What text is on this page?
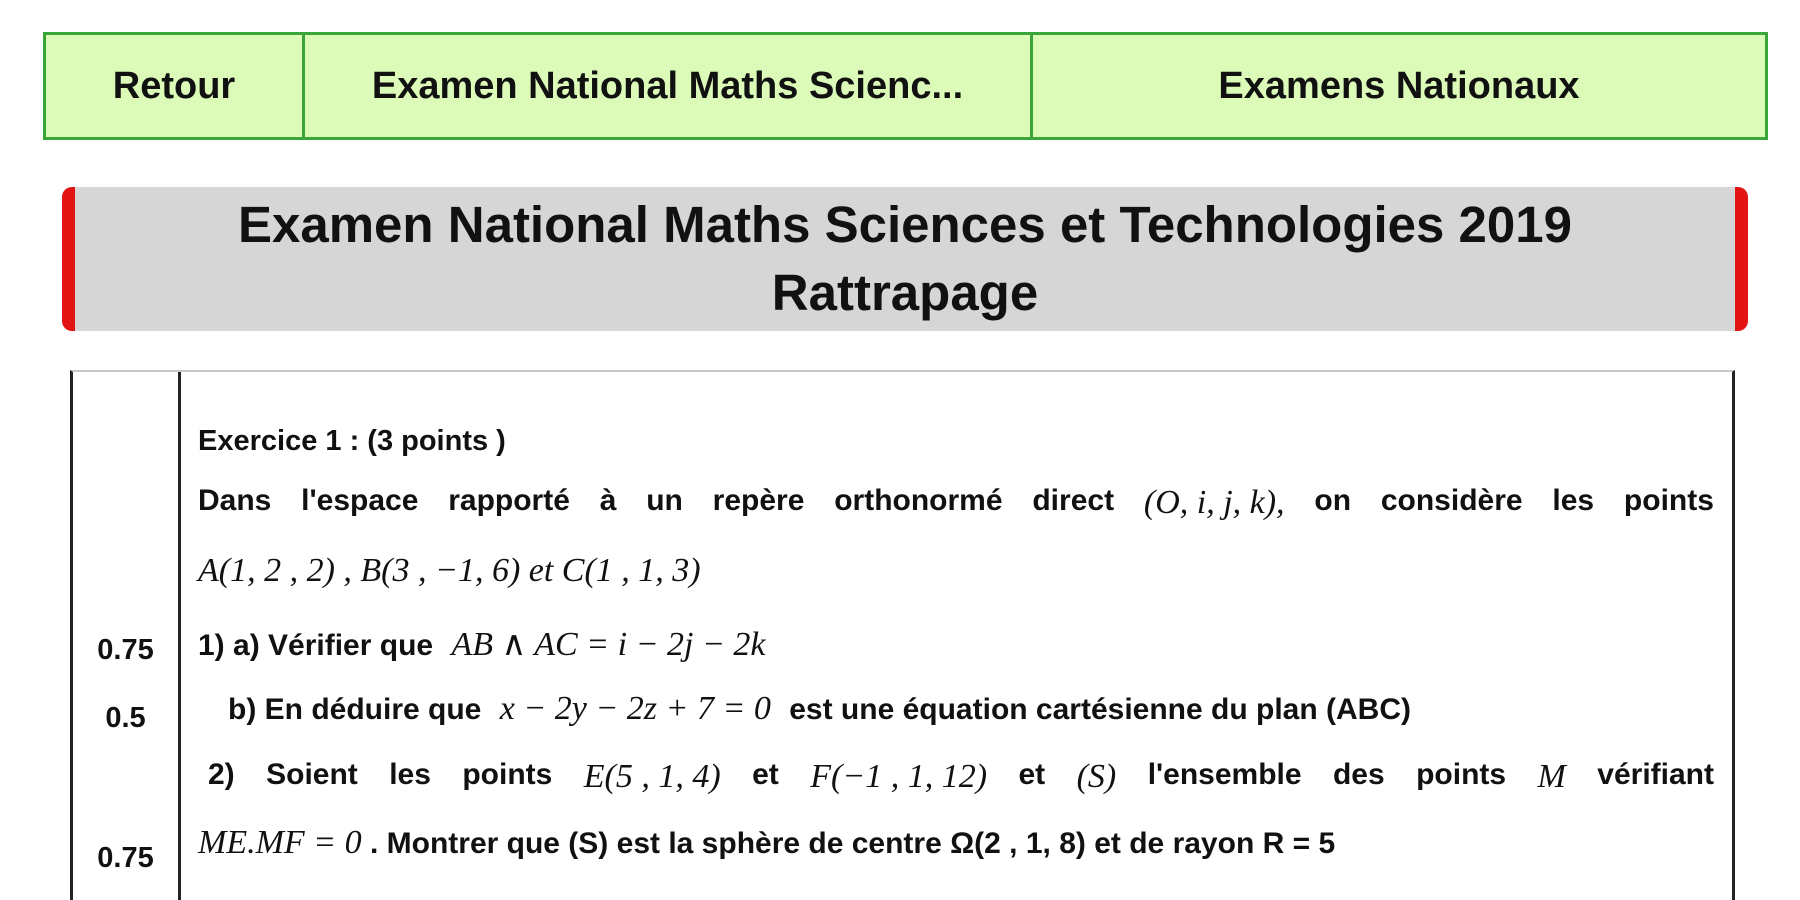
Retour	Examen National Maths Scienc...	Examens Nationaux
Examen National Maths Sciences et Technologies 2019
Rattrapage
0.75
0.5
0.75
Exercice 1 : (3 points )
Dans l'espace rapporté à un repère orthonormé direct (O, i, j, k), on considère les points
A(1, 2 , 2) , B(3 , −1, 6) et C(1 , 1, 3)
1) a) Vérifier que AB ∧ AC = i − 2j − 2k
b) En déduire que x − 2y − 2z + 7 = 0 est une équation cartésienne du plan (ABC)
2) Soient les points E(5 , 1, 4) et F(−1 , 1, 12) et (S) l'ensemble des points M vérifiant
ME.MF = 0 . Montrer que (S) est la sphère de centre Ω(2 , 1, 8) et de rayon R = 5
